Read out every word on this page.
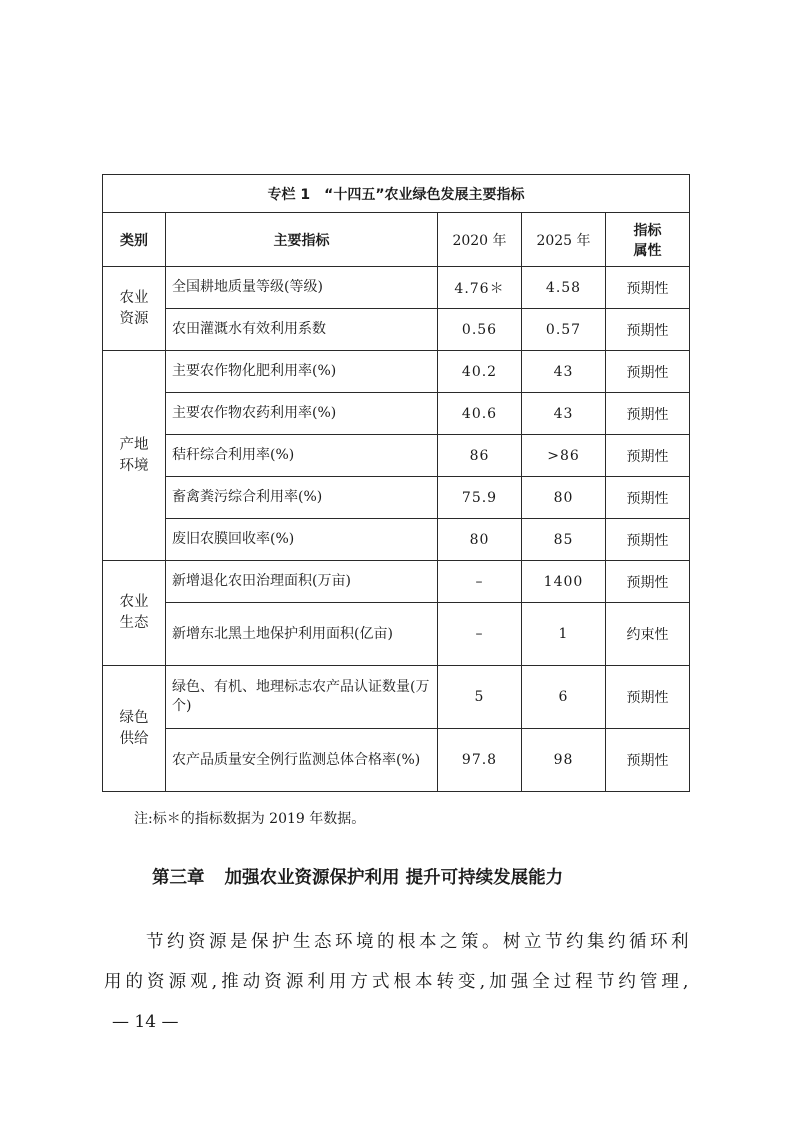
专栏 1　“十四五”农业绿色发展主要指标				
类别	主要指标	2020 年	2025 年	指标
属性
农业
资源	全国耕地质量等级(等级)	4.76＊	4.58	预期性
	农田灌溉水有效利用系数	0.56	0.57	预期性
产地
环境	主要农作物化肥利用率(%)	40.2	43	预期性
	主要农作物农药利用率(%)	40.6	43	预期性
	秸秆综合利用率(%)	86	>86	预期性
	畜禽粪污综合利用率(%)	75.9	80	预期性
	废旧农膜回收率(%)	80	85	预期性
农业
生态	新增退化农田治理面积(万亩)	–	1400	预期性
	新增东北黑土地保护利用面积(亿亩)	–	1	约束性
绿色
供给	绿色、有机、地理标志农产品认证数量(万个)	5	6	预期性
	农产品质量安全例行监测总体合格率(%)	97.8	98	预期性
注:标＊的指标数据为 2019 年数据。
第三章 加强农业资源保护利用 提升可持续发展能力
节约资源是保护生态环境的根本之策。树立节约集约循环利
用的资源观,推动资源利用方式根本转变,加强全过程节约管理,
— 14 —
